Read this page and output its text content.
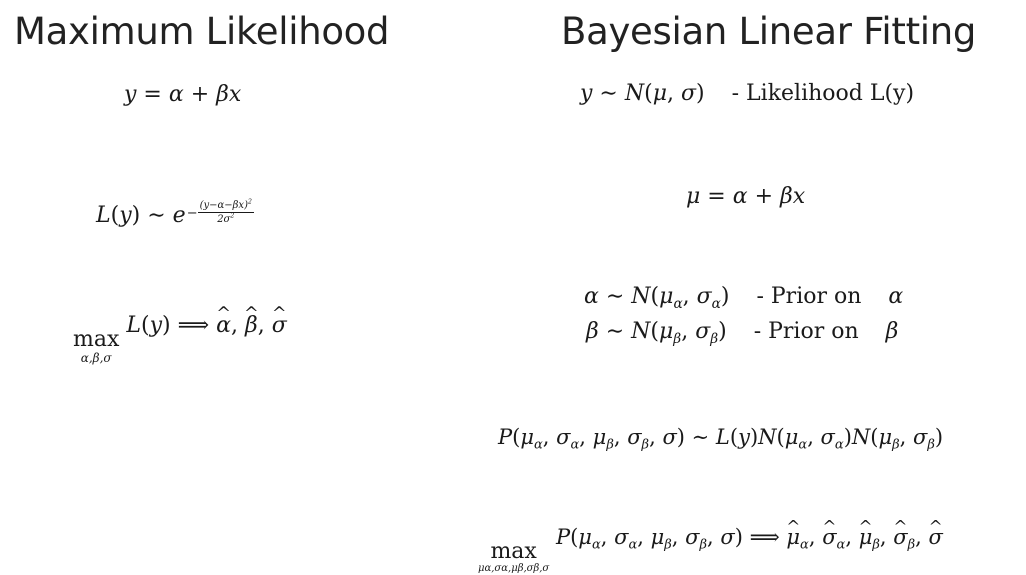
Maximum Likelihood	Bayesian Linear Fitting
y = α + βx
L(y) ∼ $e- \frac{(y-\alpha-\beta x)^2}{2\sigma^2}$
max
α,β,σ
L(y) ⟹ α ^, β ^, σ ^
y ∼ N(μ, σ) - Likelihood L(y)
μ = α + βx
α ∼ $N(\mu_\alpha$, $\sigma_\alpha$) - Prior on α
β ∼ $N(\mu_\beta$, $\sigma_\beta$) - Prior on β
$P(\mu_\alpha$, $\sigma_\alpha$, $\mu_\beta$, $\sigma_\beta$, σ) ∼ $L(y)N(\mu_\alpha$, $\sigma_\alpha)N(\mu_\beta$, $\sigma_\beta$)
max
μα,σα,μβ,σβ,σ
$P(\mu_\alpha$, $\sigma_\alpha$, $\mu_\beta$, $\sigma_\beta$, σ) ⟹ μ $\^{}_\alpha$, σ $\^{}_\alpha$, μ $\^{}_\beta$, σ $\^{}_\beta$, σ ^
